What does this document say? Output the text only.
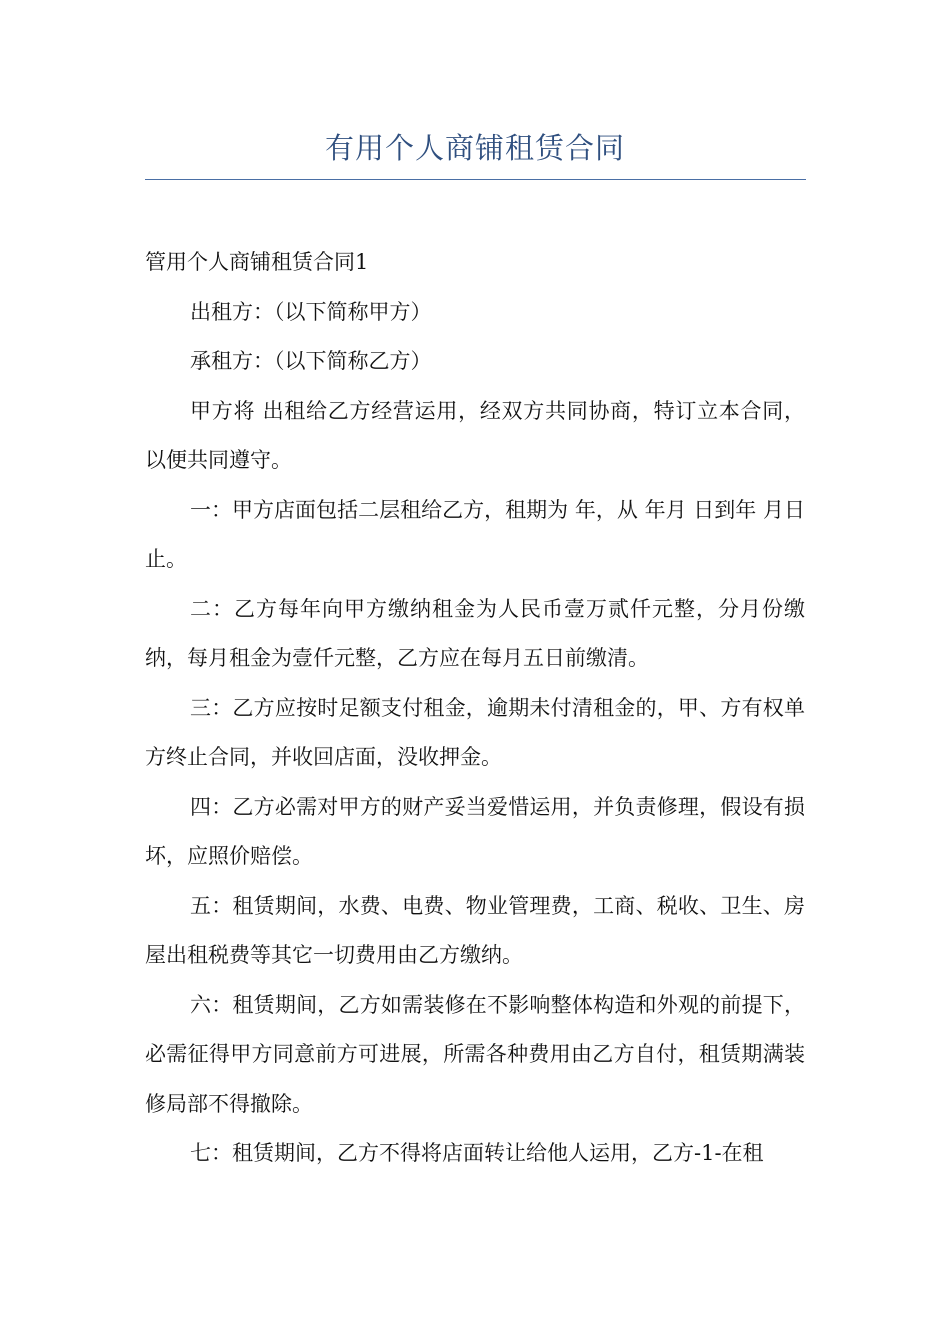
有用个人商铺租赁合同

管用个人商铺租赁合同1

出租方：（以下简称甲方）

承租方：（以下简称乙方）

甲方将 出租给乙方经营运用，经双方共同协商，特订立本合同，以便共同遵守。

一：甲方店面包括二层租给乙方，租期为 年，从 年月 日到年 月日止。

二：乙方每年向甲方缴纳租金为人民币壹万贰仟元整，分月份缴纳，每月租金为壹仟元整，乙方应在每月五日前缴清。

三：乙方应按时足额支付租金，逾期未付清租金的，甲、方有权单方终止合同，并收回店面，没收押金。

四：乙方必需对甲方的财产妥当爱惜运用，并负责修理，假设有损坏，应照价赔偿。

五：租赁期间，水费、电费、物业管理费，工商、税收、卫生、房屋出租税费等其它一切费用由乙方缴纳。

六：租赁期间，乙方如需装修在不影响整体构造和外观的前提下，必需征得甲方同意前方可进展，所需各种费用由乙方自付，租赁期满装修局部不得撤除。

七：租赁期间，乙方不得将店面转让给他人运用，乙方-1-在租
